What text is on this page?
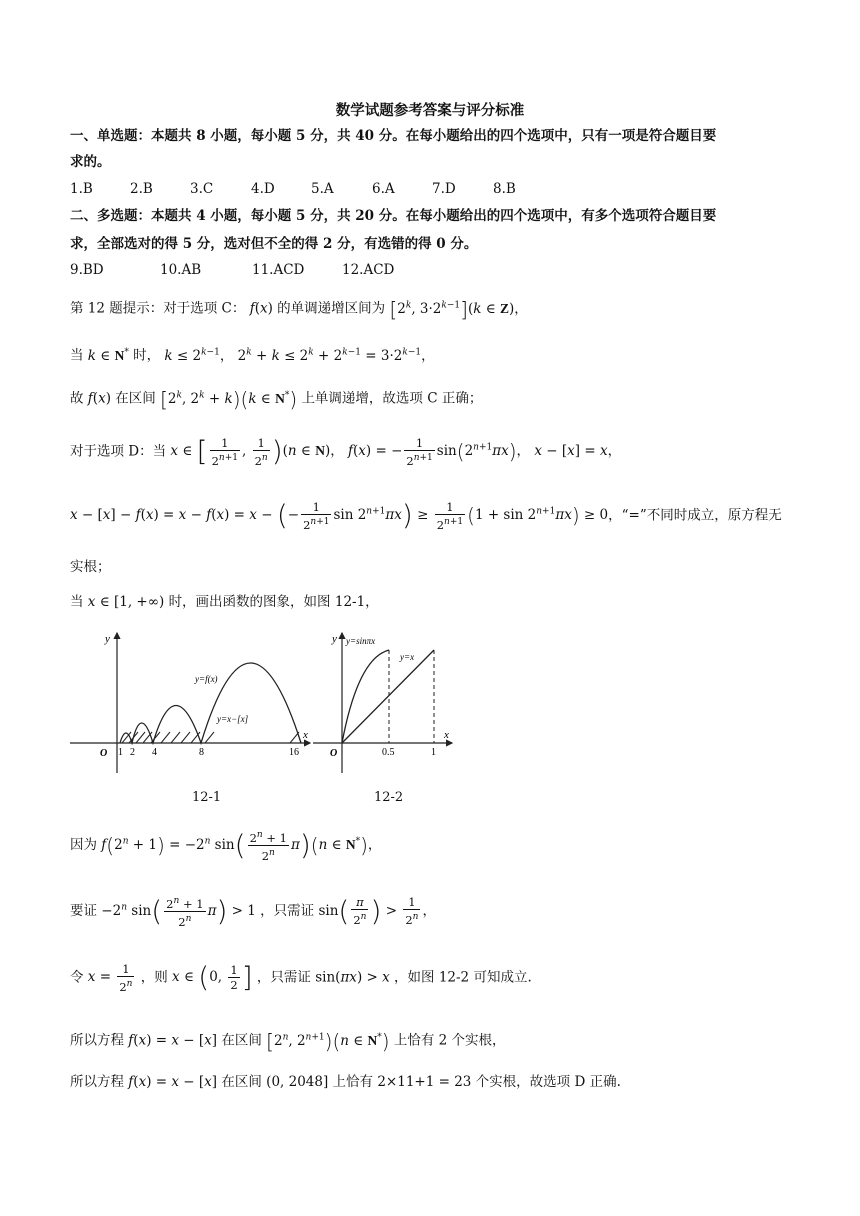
数学试题参考答案与评分标准
一、单选题：本题共 8 小题，每小题 5 分，共 40 分。在每小题给出的四个选项中，只有一项是符合题目要
求的。
1.B	2.B	3.C	4.D	5.A	6.A	7.D	8.B
二、多选题：本题共 4 小题，每小题 5 分，共 20 分。在每小题给出的四个选项中，有多个选项符合题目要
求，全部选对的得 5 分，选对但不全的得 2 分，有选错的得 0 分。
9.BD	10.AB	11.ACD	12.ACD
第 12 题提示：对于选项 C： f(x) 的单调递增区间为 [2$^k$, $3\cdot 2^{k-1}](k$ ∈ Z)，
当 k ∈ N* 时， $k \le 2^{k-1}$， $2^k + k \le 2^k + 2^{k-1} = 3\cdot 2^{k-1}$，
故 f(x) 在区间 [2$^k$, $2^k + k)(k$ ∈ N*) 上单调递增，故选项 C 正确；
对于选项 D：当 x ∈ [ $\frac{1}{2^{n+1}}$ , $\frac{1}{2^n} )(n$ ∈ N)， f(x) = − $\frac{1}{2^{n+1}} \sin(2^{n+1}\pi x)$， x − [x] = x，
x − [x] − f(x) = x − f(x) = x − (− $\frac{1}{2^{n+1}}$ $\sin 2^{n+1}\pi x) \ge \frac{1}{2^{n+1}} (1 + \sin 2^{n+1}\pi x) \ge 0$，“=”不同时成立，原方程无
实根；
当 x ∈ [1, +∞) 时，画出函数的图象，如图 12-1，
y
x
O 1 2 4	8	16
y=f(x)
y=x−[x]
y
x
O	0.5	1
y=sinπx
y=x
12-1	12-2
因为 $f(2^n + 1) = -2^n$ $\sin( \frac{2^n + 1}{2^n} \pi)(n$ ∈ N*)，
要证 $-2^n$ $\sin( \frac{2^n + 1}{2^n} \pi) > 1$ ，只需证 $\sin( \frac{\pi}{2^n}$ ) > $\frac{1}{2^n}$ ，
令 $x = \frac{1}{2^n}$ ，则 x ∈ (0, $\frac{1}{2}$ ] ，只需证 sin(πx) > x ，如图 12-2 可知成立.
所以方程 f(x) = x − [x] 在区间 [2$^n$, $2^{n+1})(n$ ∈ N*) 上恰有 2 个实根，
所以方程 f(x) = x − [x] 在区间 (0, 2048] 上恰有 2×11+1 = 23 个实根，故选项 D 正确.
